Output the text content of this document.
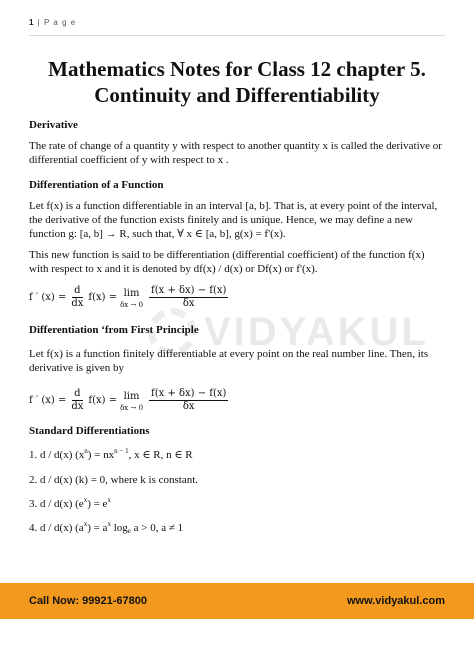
1 | P a g e
Mathematics Notes for Class 12 chapter 5.
Continuity and Differentiability
VIDYAKUL
Derivative
The rate of change of a quantity y with respect to another quantity x is called the derivative or differential coefficient of y with respect to x .
Differentiation of a Function
Let f(x) is a function differentiable in an interval [a, b]. That is, at every point of the interval, the derivative of the function exists finitely and is unique. Hence, we may define a new function g: [a, b] → R, such that, ∀ x ∈ [a, b], g(x) = f'(x).
This new function is said to be differentiation (differential coefficient) of the function f(x) with respect to x and it is denoted by df(x) / d(x) or Df(x) or f'(x).
f ′ $(x) = \frac{d}{dx} f(x) = \lim$
$\delta x \to 0 \frac{f(x + \delta x) - f(x)}{\delta x}$
Differentiation ‘from First Principle
Let f(x) is a function finitely differentiable at every point on the real number line. Then, its derivative is given by
f ′ $(x) = \frac{d}{dx} f(x) = \lim$
$\delta x \to 0 \frac{f(x + \delta x) - f(x)}{\delta x}$
Standard Differentiations
1. d / d(x) $(x^n) = nx^{n - 1}$, x ∈ R, n ∈ R
2. d / d(x) (k) = 0, where k is constant.
3. d / d(x) $(e^x) = e^x$
4. d / d(x) $(a^x) = a^x$ $\log_e a > 0$, a ≠ 1
Call Now: 99921-67800	www.vidyakul.com
